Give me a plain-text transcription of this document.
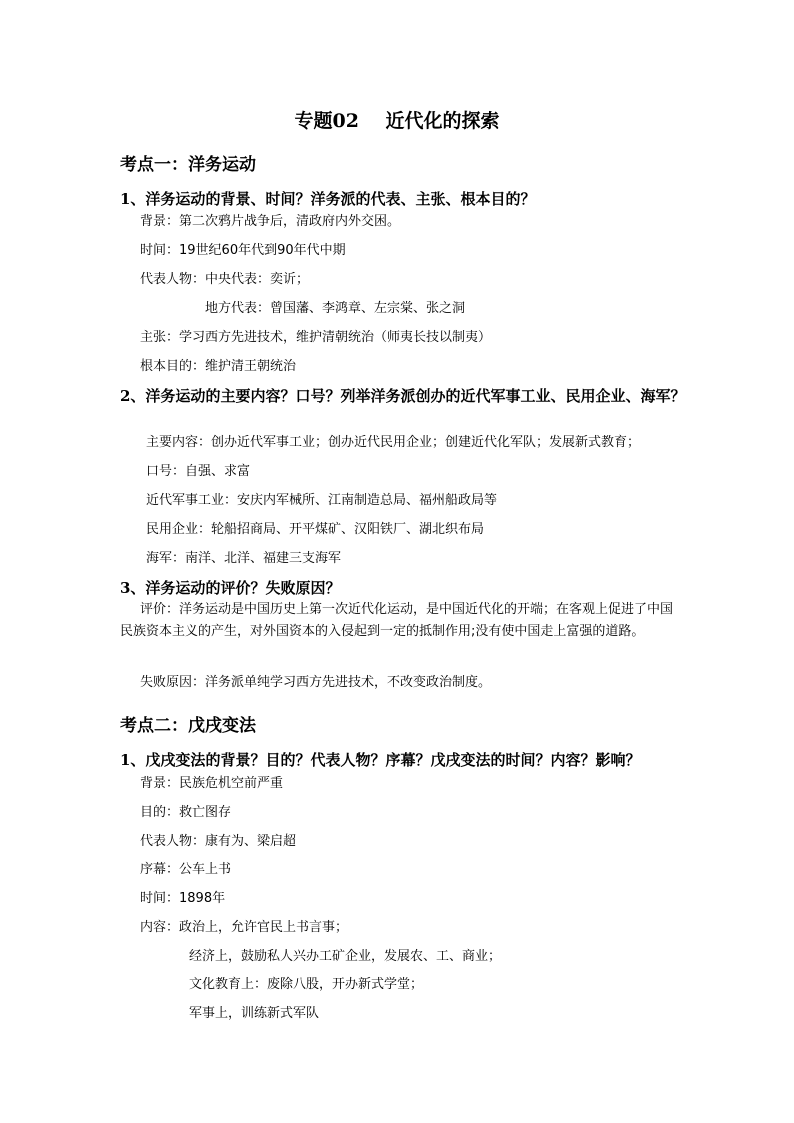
专题02    近代化的探索
考点一：洋务运动
1、洋务运动的背景、时间？洋务派的代表、主张、根本目的？
背景：第二次鸦片战争后，清政府内外交困。
时间：19世纪60年代到90年代中期
代表人物：中央代表：奕䜣；
地方代表：曾国藩、李鸿章、左宗棠、张之洞
主张：学习西方先进技术，维护清朝统治（师夷长技以制夷）
根本目的：维护清王朝统治
2、洋务运动的主要内容？口号？列举洋务派创办的近代军事工业、民用企业、海军？
主要内容：创办近代军事工业；创办近代民用企业；创建近代化军队；发展新式教育；
口号：自强、求富
近代军事工业：安庆内军械所、江南制造总局、福州船政局等
民用企业：轮船招商局、开平煤矿、汉阳铁厂、湖北织布局
海军：南洋、北洋、福建三支海军
3、洋务运动的评价？失败原因？
评价：洋务运动是中国历史上第一次近代化运动，是中国近代化的开端；在客观上促进了中国民族资本主义的产生，对外国资本的入侵起到一定的抵制作用;没有使中国走上富强的道路。
失败原因：洋务派单纯学习西方先进技术，不改变政治制度。
考点二：戊戌变法
1、戊戌变法的背景？目的？代表人物？序幕？戊戌变法的时间？内容？影响？
背景：民族危机空前严重
目的：救亡图存
代表人物：康有为、梁启超
序幕：公车上书
时间：1898年
内容：政治上，允许官民上书言事；
经济上，鼓励私人兴办工矿企业，发展农、工、商业；
文化教育上：废除八股，开办新式学堂；
军事上，训练新式军队
